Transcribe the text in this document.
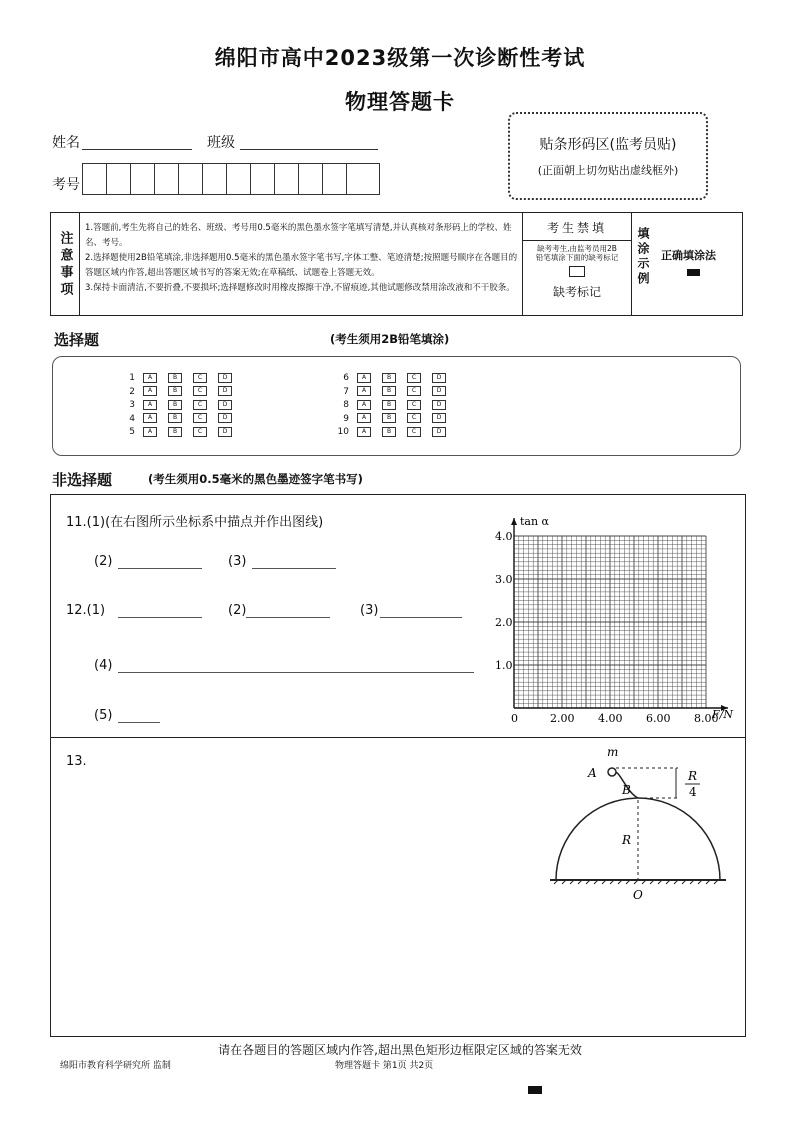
绵阳市高中2023级第一次诊断性考试
物理答题卡
姓名	班级
考号
贴条形码区(监考员贴)
(正面朝上切勿贴出虚线框外)
注意事项
1.答题前,考生先将自己的姓名、班级、考号用0.5毫米的黑色墨水签字笔填写清楚,并认真核对条形码上的学校、姓名、考号。
2.选择题使用2B铅笔填涂,非选择题用0.5毫米的黑色墨水签字笔书写,字体工整、笔迹清楚;按照题号顺序在各题目的答题区域内作答,超出答题区域书写的答案无效;在草稿纸、试题卷上答题无效。
3.保持卡面清洁,不要折叠,不要损坏;选择题修改时用橡皮擦擦干净,不留痕迹,其他试题修改禁用涂改液和不干胶条。
考生禁填
缺考考生,由监考员用2B铅笔填涂下面的缺考标记
缺考标记
填涂示例 正确填涂法
选择题	(考生须用2B铅笔填涂)
1 A	B	C	D
2 A	B	C	D
3 A	B	C	D
4 A	B	C	D
5 A	B	C	D
6 A	B	C	D
7 A	B	C	D
8 A	B	C	D
9 A	B	C	D
10 A	B	C	D
非选择题	(考生须用0.5毫米的黑色墨迹签字笔书写)
11.(1)(在右图所示坐标系中描点并作出图线)
(2)	(3)
12.(1)	(2)	(3)
(4)
(5)	0	2.00 4.00 6.00 8.00
1.0
2.0
3.0
4.0
tan α
F/N
13.
m
A
B
R
4
R
O
请在各题目的答题区域内作答,超出黑色矩形边框限定区域的答案无效
绵阳市教育科学研究所 监制	物理答题卡 第1页 共2页
